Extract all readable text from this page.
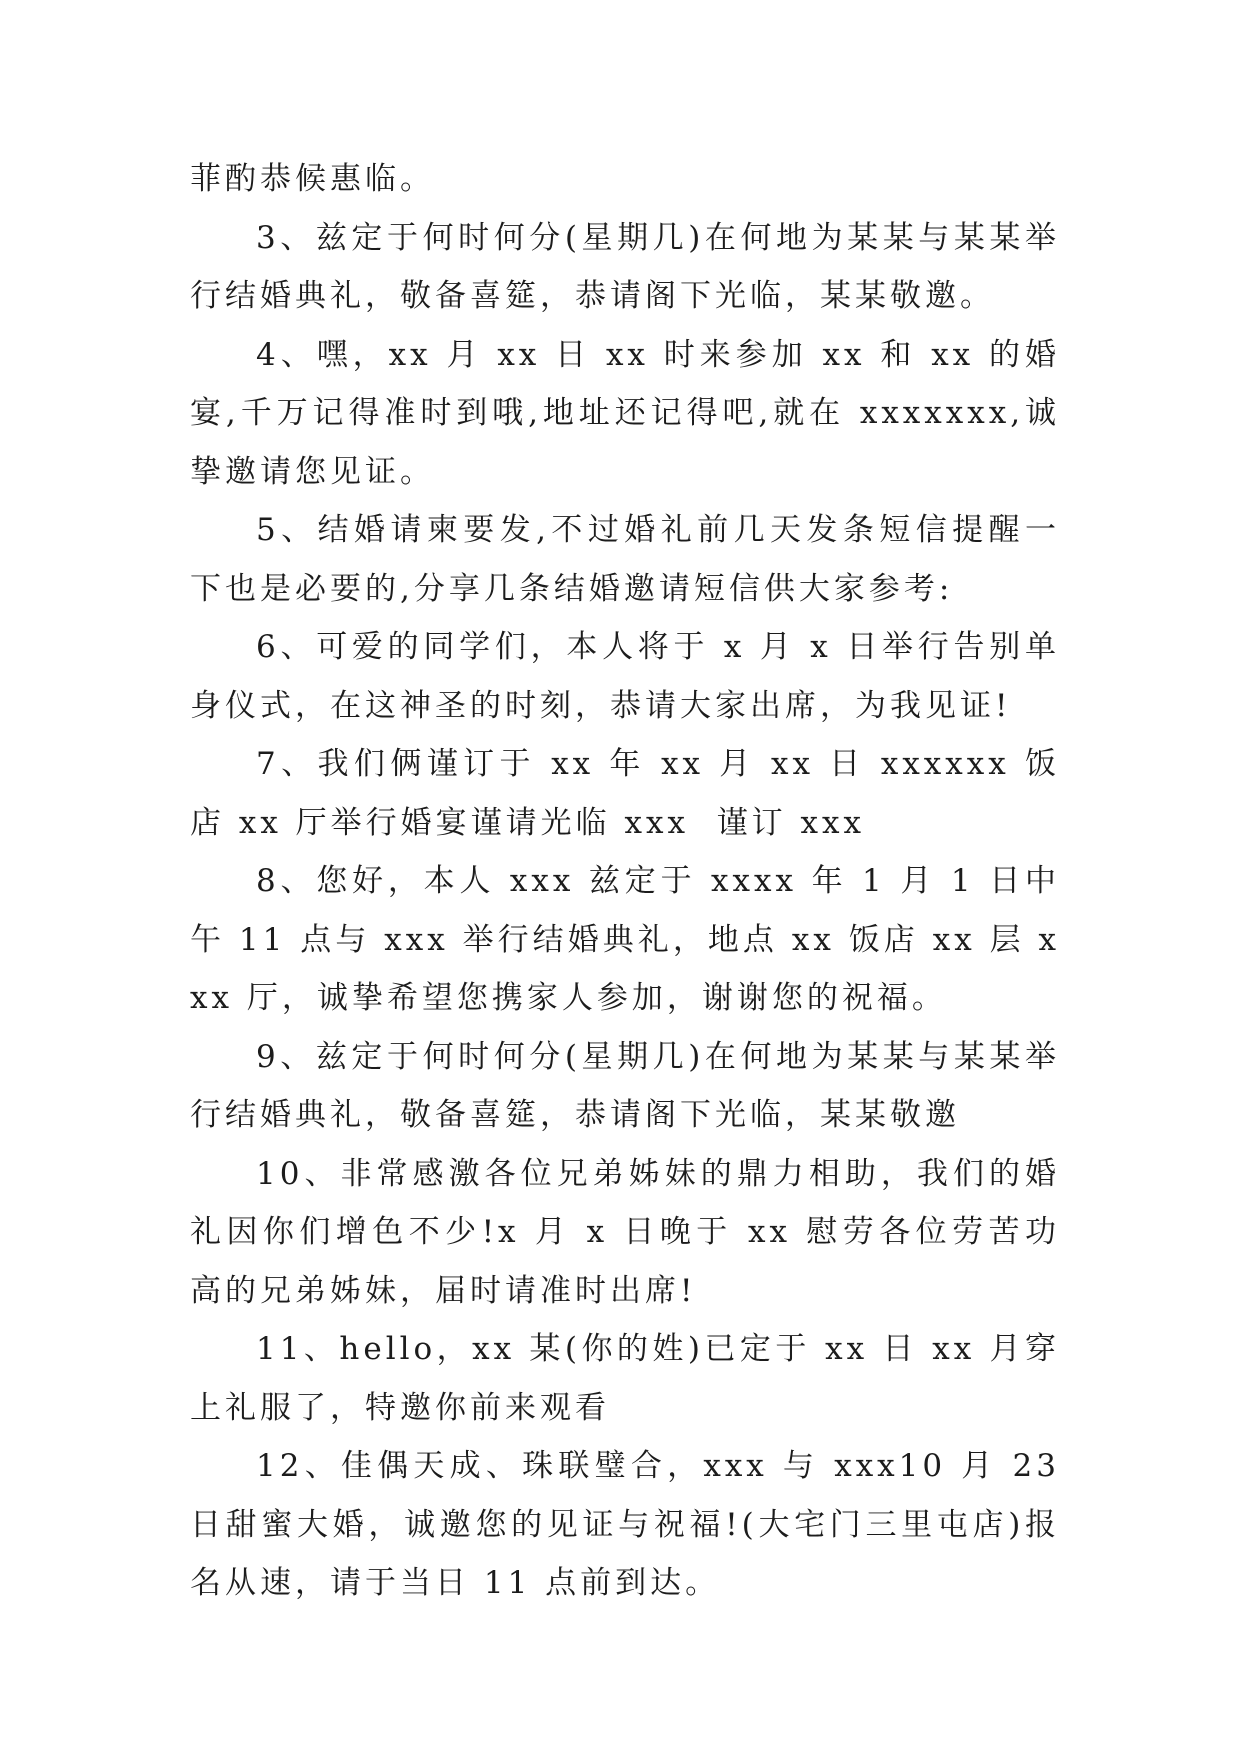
菲酌恭候惠临。

3、兹定于何时何分(星期几)在何地为某某与某某举行结婚典礼，敬备喜筵，恭请阁下光临，某某敬邀。

4、嘿，xx 月 xx 日 xx 时来参加 xx 和 xx 的婚宴,千万记得准时到哦,地址还记得吧,就在 xxxxxxx,诚挚邀请您见证。

5、结婚请柬要发,不过婚礼前几天发条短信提醒一下也是必要的,分享几条结婚邀请短信供大家参考:

6、可爱的同学们，本人将于 x 月 x 日举行告别单身仪式，在这神圣的时刻，恭请大家出席，为我见证!

7、我们俩谨订于 xx 年 xx 月 xx 日 xxxxxx 饭店 xx 厅举行婚宴谨请光临 xxx  谨订 xxx

8、您好，本人 xxx 兹定于 xxxx 年 1 月 1 日中午 11 点与 xxx 举行结婚典礼，地点 xx 饭店 xx 层 xxx 厅，诚挚希望您携家人参加，谢谢您的祝福。

9、兹定于何时何分(星期几)在何地为某某与某某举行结婚典礼，敬备喜筵，恭请阁下光临，某某敬邀

10、非常感激各位兄弟姊妹的鼎力相助，我们的婚礼因你们增色不少!x 月 x 日晚于 xx 慰劳各位劳苦功高的兄弟姊妹，届时请准时出席!

11、hello，xx 某(你的姓)已定于 xx 日 xx 月穿上礼服了，特邀你前来观看

12、佳偶天成、珠联璧合，xxx 与 xxx10 月 23 日甜蜜大婚，诚邀您的见证与祝福!(大宅门三里屯店)报名从速，请于当日 11 点前到达。
